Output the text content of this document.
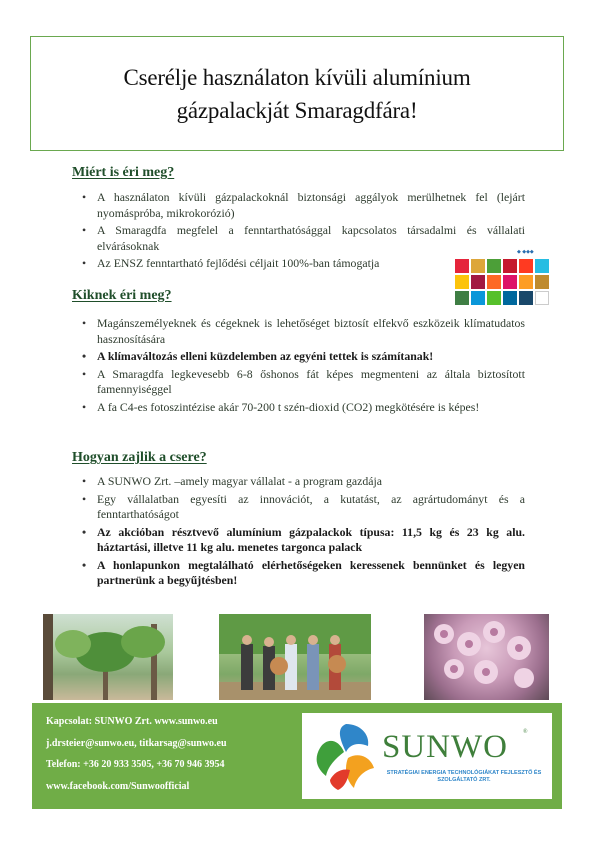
Cserélje használaton kívüli alumínium
gázpalackját Smaragdfára!
Miért is éri meg?
• A használaton kívüli gázpalackoknál biztonsági aggályok merülhetnek fel (lejárt nyomáspróba, mikrokorózió)
• A Smaragdfa megfelel a fenntarthatósággal kapcsolatos társadalmi és vállalati elvárásoknak
• Az ENSZ fenntartható fejlődési céljait 100%-ban támogatja
◆ ◆◆◆
Kiknek éri meg?
• Magánszemélyeknek és cégeknek is lehetőséget biztosít elfekvő eszközeik klímatudatos hasznosítására
• A klímaváltozás elleni küzdelemben az egyéni tettek is számítanak!
• A Smaragdfa legkevesebb 6-8 őshonos fát képes megmenteni az általa biztosított famennyiséggel
• A fa C4-es fotoszintézise akár 70-200 t szén-dioxid (CO2) megkötésére is képes!
Hogyan zajlik a csere?
• A SUNWO Zrt. –amely magyar vállalat - a program gazdája
• Egy vállalatban egyesíti az innovációt, a kutatást, az agrártudományt és a fenntarthatóságot
• Az akcióban résztvevő alumínium gázpalackok típusa: 11,5 kg és 23 kg alu. háztartási, illetve 11 kg alu. menetes targonca palack
• A honlapunkon megtalálható elérhetőségeken keressenek bennünket és legyen partnerünk a begyűjtésben!
Kapcsolat: SUNWO Zrt. www.sunwo.eu
j.drsteier@sunwo.eu, titkarsag@sunwo.eu
Telefon: +36 20 933 3505, +36 70 946 3954
www.facebook.com/Sunwoofficial
SUNWO	®
STRATÉGIAI ENERGIA TECHNOLÓGIÁKAT FEJLESZTŐ ÉS SZOLGÁLTATÓ ZRT.
